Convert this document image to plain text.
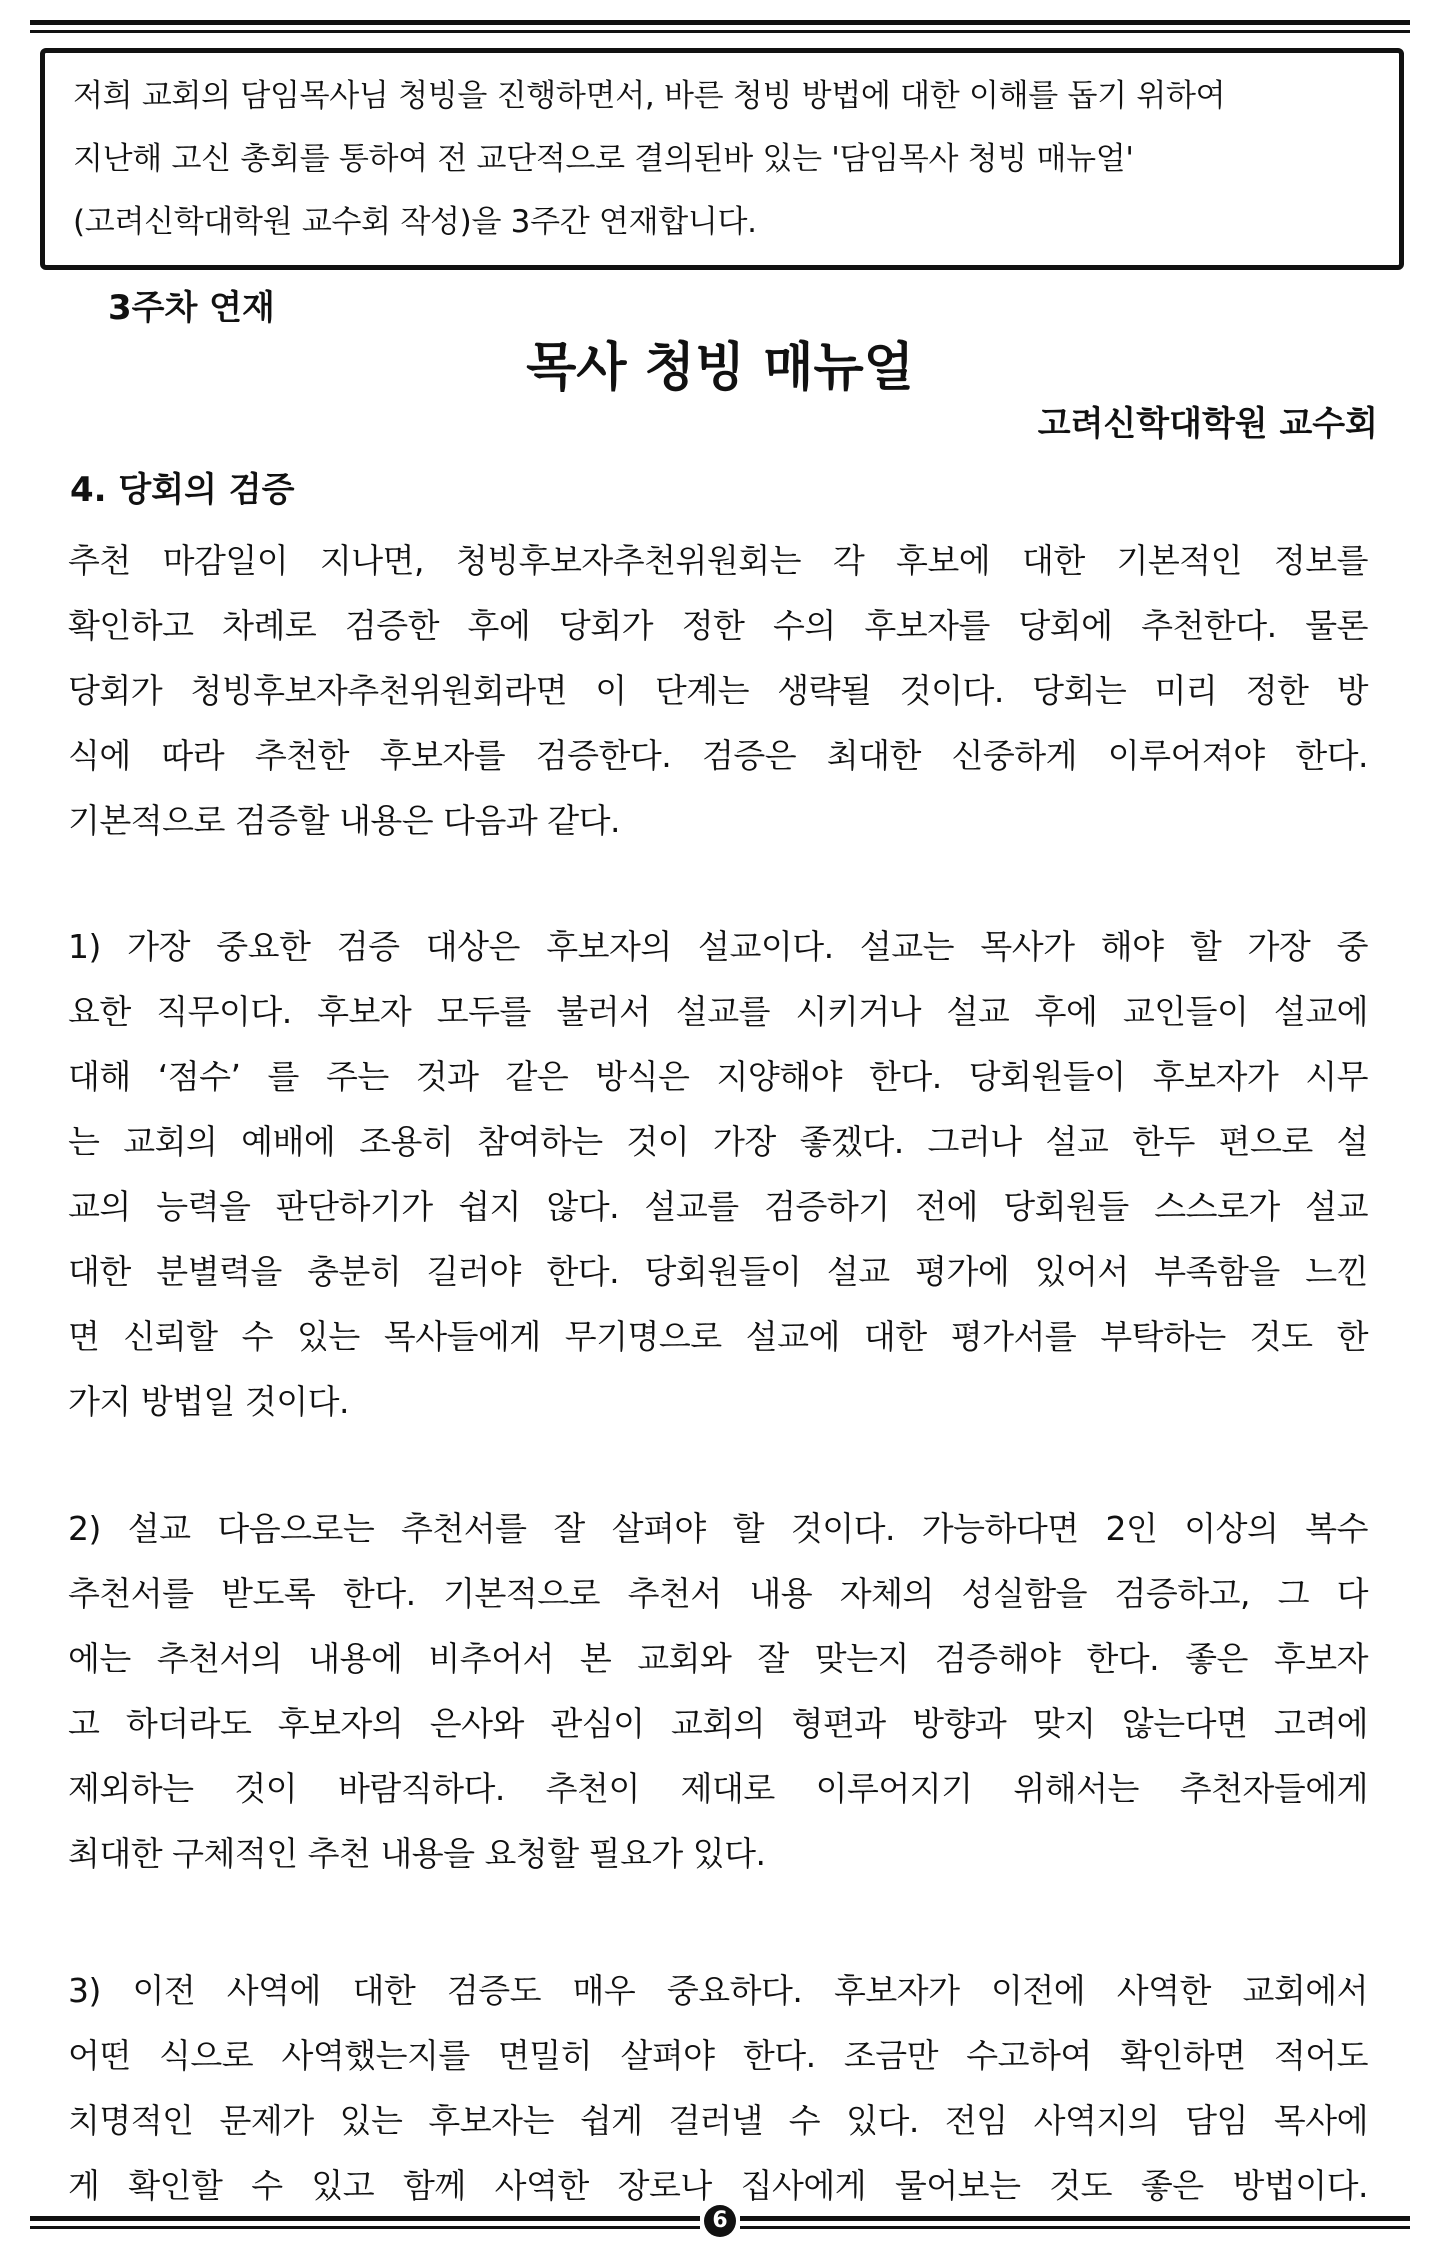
저희 교회의 담임목사님 청빙을 진행하면서, 바른 청빙 방법에 대한 이해를 돕기 위하여
지난해 고신 총회를 통하여 전 교단적으로 결의된바 있는 '담임목사 청빙 매뉴얼'
(고려신학대학원 교수회 작성)을 3주간 연재합니다.
3주차 연재
목사 청빙 매뉴얼
고려신학대학원 교수회
4. 당회의 검증
추천 마감일이 지나면, 청빙후보자추천위원회는 각 후보에 대한 기본적인 정보를
확인하고 차례로 검증한 후에 당회가 정한 수의 후보자를 당회에 추천한다. 물론
당회가 청빙후보자추천위원회라면 이 단계는 생략될 것이다. 당회는 미리 정한 방
식에 따라 추천한 후보자를 검증한다. 검증은 최대한 신중하게 이루어져야 한다.
기본적으로 검증할 내용은 다음과 같다.
1) 가장 중요한 검증 대상은 후보자의 설교이다. 설교는 목사가 해야 할 가장 중
요한 직무이다. 후보자 모두를 불러서 설교를 시키거나 설교 후에 교인들이 설교에
대해 ‘점수’ 를 주는 것과 같은 방식은 지양해야 한다. 당회원들이 후보자가 시무
는 교회의 예배에 조용히 참여하는 것이 가장 좋겠다. 그러나 설교 한두 편으로 설
교의 능력을 판단하기가 쉽지 않다. 설교를 검증하기 전에 당회원들 스스로가 설교
대한 분별력을 충분히 길러야 한다. 당회원들이 설교 평가에 있어서 부족함을 느낀
면 신뢰할 수 있는 목사들에게 무기명으로 설교에 대한 평가서를 부탁하는 것도 한
가지 방법일 것이다.
2) 설교 다음으로는 추천서를 잘 살펴야 할 것이다. 가능하다면 2인 이상의 복수
추천서를 받도록 한다. 기본적으로 추천서 내용 자체의 성실함을 검증하고, 그 다
에는 추천서의 내용에 비추어서 본 교회와 잘 맞는지 검증해야 한다. 좋은 후보자
고 하더라도 후보자의 은사와 관심이 교회의 형편과 방향과 맞지 않는다면 고려에
제외하는 것이 바람직하다. 추천이 제대로 이루어지기 위해서는 추천자들에게
최대한 구체적인 추천 내용을 요청할 필요가 있다.
3) 이전 사역에 대한 검증도 매우 중요하다. 후보자가 이전에 사역한 교회에서
어떤 식으로 사역했는지를 면밀히 살펴야 한다. 조금만 수고하여 확인하면 적어도
치명적인 문제가 있는 후보자는 쉽게 걸러낼 수 있다. 전임 사역지의 담임 목사에
게 확인할 수 있고 함께 사역한 장로나 집사에게 물어보는 것도 좋은 방법이다.
6
